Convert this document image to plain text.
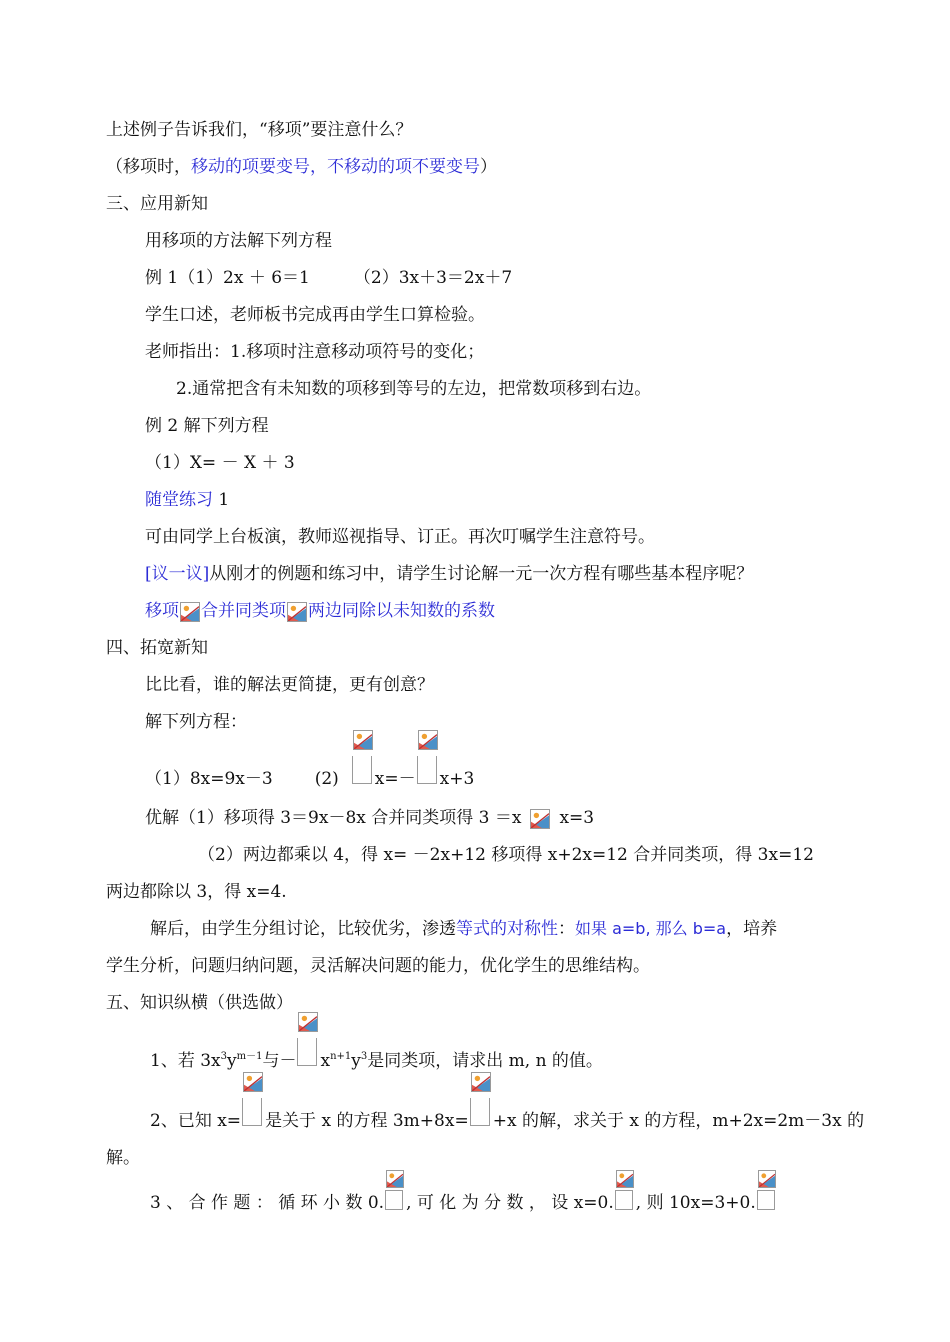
上述例子告诉我们，“移项”要注意什么？
（移项时，移动的项要变号，不移动的项不要变号）
三、应用新知
用移项的方法解下列方程
例 1（1）2x ＋ 6＝1	（2）3x＋3＝2x＋7
学生口述，老师板书完成再由学生口算检验。
老师指出：1.移项时注意移动项符号的变化；
2.通常把含有未知数的项移到等号的左边，把常数项移到右边。
例 2 解下列方程
（1）X= － X ＋ 3
随堂练习 1
可由同学上台板演，教师巡视指导、订正。再次叮嘱学生注意符号。
[议一议]从刚才的例题和练习中，请学生讨论解一元一次方程有哪些基本程序呢？
移项 合并同类项 两边同除以未知数的系数
四、拓宽新知
比比看，谁的解法更简捷，更有创意？
解下列方程：
（1）8x=9x－3 (2) x=－ x+3
优解（1）移项得 3＝9x－8x 合并同类项得 3 ＝x x=3
（2）两边都乘以 4，得 x= －2x+12 移项得 x+2x=12 合并同类项，得 3x=12
两边都除以 3，得 x=4.
解后，由学生分组讨论，比较优劣，渗透等式的对称性：如果 a=b, 那么 b=a，培养
学生分析，问题归纳问题，灵活解决问题的能力，优化学生的思维结构。
五、知识纵横（供选做）
1、若 $3x^3y^{m-1}$与－ $x^{n+1}y^3$是同类项，请求出 m, n 的值。
2、已知 x= 是关于 x 的方程 3m+8x= +x 的解，求关于 x 的方程，m+2x=2m－3x 的
解。
3 、 合 作 题 ： 循 环 小 数 0. , 可 化 为 分 数 ， 设 x=0. , 则 10x=3+0.
